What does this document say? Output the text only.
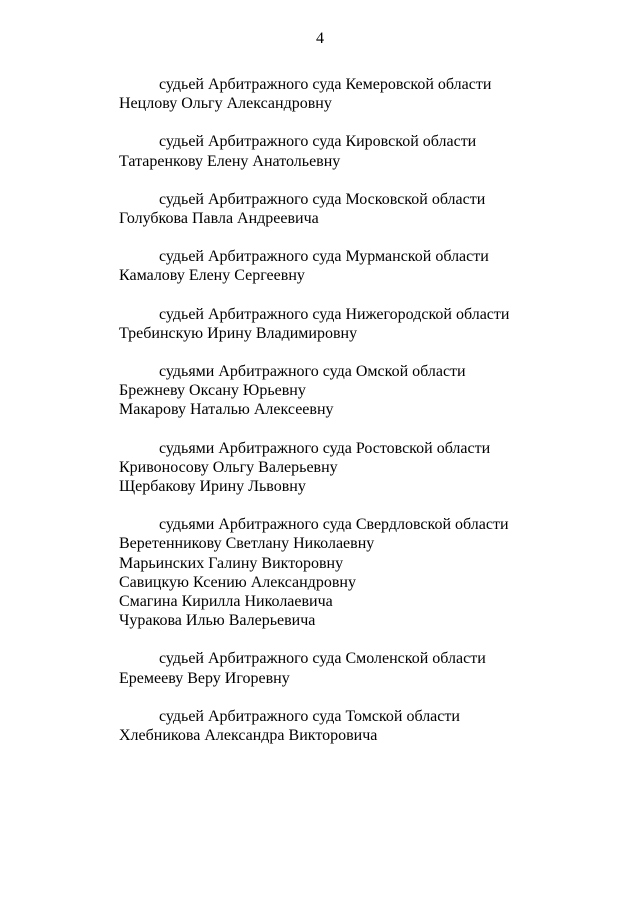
4
судьей Арбитражного суда Кемеровской области
Нецлову Ольгу Александровну
судьей Арбитражного суда Кировской области
Татаренкову Елену Анатольевну
судьей Арбитражного суда Московской области
Голубкова Павла Андреевича
судьей Арбитражного суда Мурманской области
Камалову Елену Сергеевну
судьей Арбитражного суда Нижегородской области
Требинскую Ирину Владимировну
судьями Арбитражного суда Омской области
Брежневу Оксану Юрьевну
Макарову Наталью Алексеевну
судьями Арбитражного суда Ростовской области
Кривоносову Ольгу Валерьевну
Щербакову Ирину Львовну
судьями Арбитражного суда Свердловской области
Веретенникову Светлану Николаевну
Марьинских Галину Викторовну
Савицкую Ксению Александровну
Смагина Кирилла Николаевича
Чуракова Илью Валерьевича
судьей Арбитражного суда Смоленской области
Еремееву Веру Игоревну
судьей Арбитражного суда Томской области
Хлебникова Александра Викторовича
